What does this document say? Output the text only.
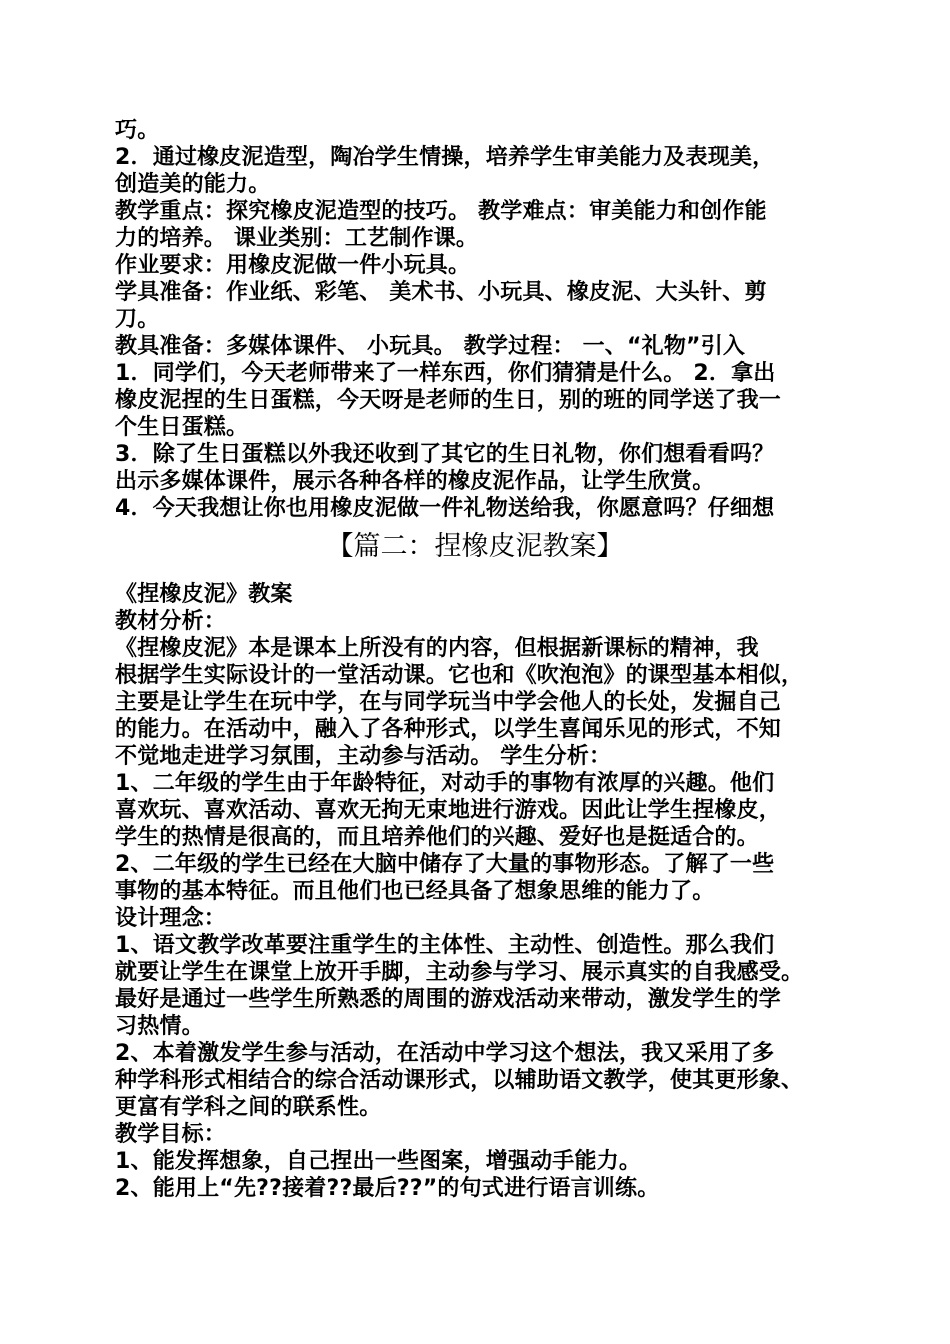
巧。
2．通过橡皮泥造型，陶冶学生情操，培养学生审美能力及表现美，
创造美的能力。
教学重点：探究橡皮泥造型的技巧。 教学难点：审美能力和创作能
力的培养。 课业类别：工艺制作课。
作业要求：用橡皮泥做一件小玩具。
学具准备：作业纸、彩笔、 美术书、小玩具、橡皮泥、大头针、剪
刀。
教具准备：多媒体课件、 小玩具。 教学过程： 一、“礼物”引入
1．同学们，今天老师带来了一样东西，你们猜猜是什么。 2．拿出
橡皮泥捏的生日蛋糕，今天呀是老师的生日，别的班的同学送了我一
个生日蛋糕。
3．除了生日蛋糕以外我还收到了其它的生日礼物，你们想看看吗？
出示多媒体课件，展示各种各样的橡皮泥作品，让学生欣赏。
4．今天我想让你也用橡皮泥做一件礼物送给我，你愿意吗？仔细想
【篇二：捏橡皮泥教案】
《捏橡皮泥》教案
教材分析：
《捏橡皮泥》本是课本上所没有的内容，但根据新课标的精神，我
根据学生实际设计的一堂活动课。它也和《吹泡泡》的课型基本相似，
主要是让学生在玩中学，在与同学玩当中学会他人的长处，发掘自己
的能力。在活动中，融入了各种形式，以学生喜闻乐见的形式，不知
不觉地走进学习氛围，主动参与活动。 学生分析：
1、二年级的学生由于年龄特征，对动手的事物有浓厚的兴趣。他们
喜欢玩、喜欢活动、喜欢无拘无束地进行游戏。因此让学生捏橡皮，
学生的热情是很高的，而且培养他们的兴趣、爱好也是挺适合的。
2、二年级的学生已经在大脑中储存了大量的事物形态。了解了一些
事物的基本特征。而且他们也已经具备了想象思维的能力了。
设计理念：
1、语文教学改革要注重学生的主体性、主动性、创造性。那么我们
就要让学生在课堂上放开手脚，主动参与学习、展示真实的自我感受。
最好是通过一些学生所熟悉的周围的游戏活动来带动，激发学生的学
习热情。
2、本着激发学生参与活动，在活动中学习这个想法，我又采用了多
种学科形式相结合的综合活动课形式，以辅助语文教学，使其更形象、
更富有学科之间的联系性。
教学目标：
1、能发挥想象，自己捏出一些图案，增强动手能力。
2、能用上“先??接着??最后??”的句式进行语言训练。
